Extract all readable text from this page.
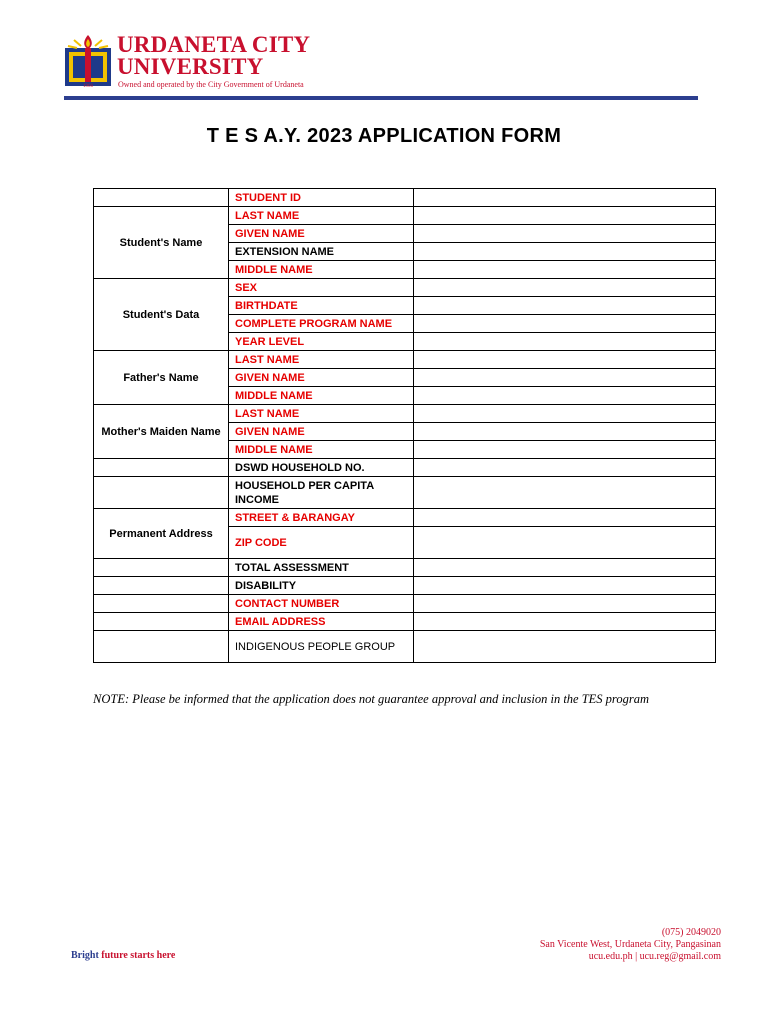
1966
URDANETA CITY
UNIVERSITY
Owned and operated by the City Government of Urdaneta
T E S A.Y. 2023 APPLICATION FORM
	STUDENT ID	
Student's Name	LAST NAME	
	GIVEN NAME	
	EXTENSION NAME	
	MIDDLE NAME	
Student's Data	SEX	
	BIRTHDATE	
	COMPLETE PROGRAM NAME	
	YEAR LEVEL	
Father's Name	LAST NAME	
	GIVEN NAME	
	MIDDLE NAME	
Mother's Maiden Name	LAST NAME	
	GIVEN NAME	
	MIDDLE NAME	
	DSWD HOUSEHOLD NO.	
	HOUSEHOLD PER CAPITA INCOME	
Permanent Address	STREET & BARANGAY	
	ZIP CODE	
	TOTAL ASSESSMENT	
	DISABILITY	
	CONTACT NUMBER	
	EMAIL ADDRESS	
	INDIGENOUS PEOPLE GROUP	
NOTE: Please be informed that the application does not guarantee approval and inclusion in the TES program
Bright future starts here
(075) 2049020
San Vicente West, Urdaneta City, Pangasinan
ucu.edu.ph | ucu.reg@gmail.com
